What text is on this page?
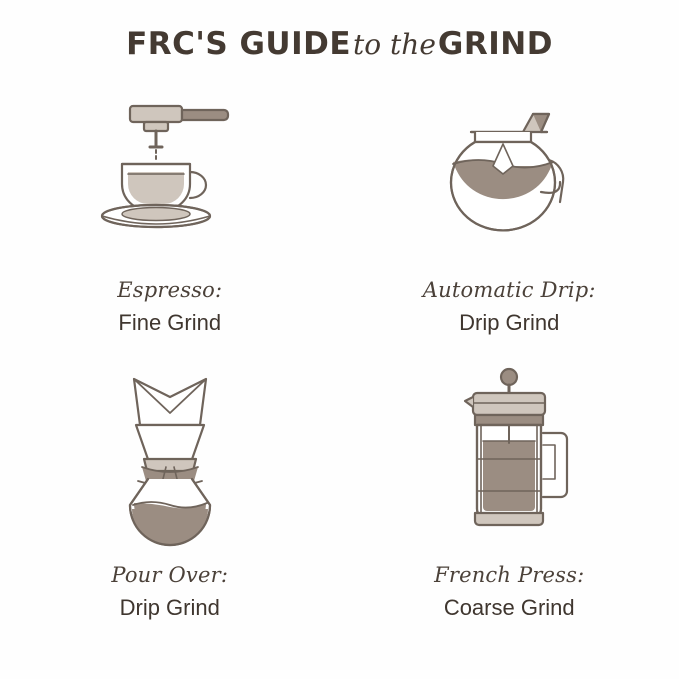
FRC'S GUIDEto theGRIND
Espresso:
Fine Grind
Automatic Drip:
Drip Grind
Pour Over:
Drip Grind
French Press:
Coarse Grind
